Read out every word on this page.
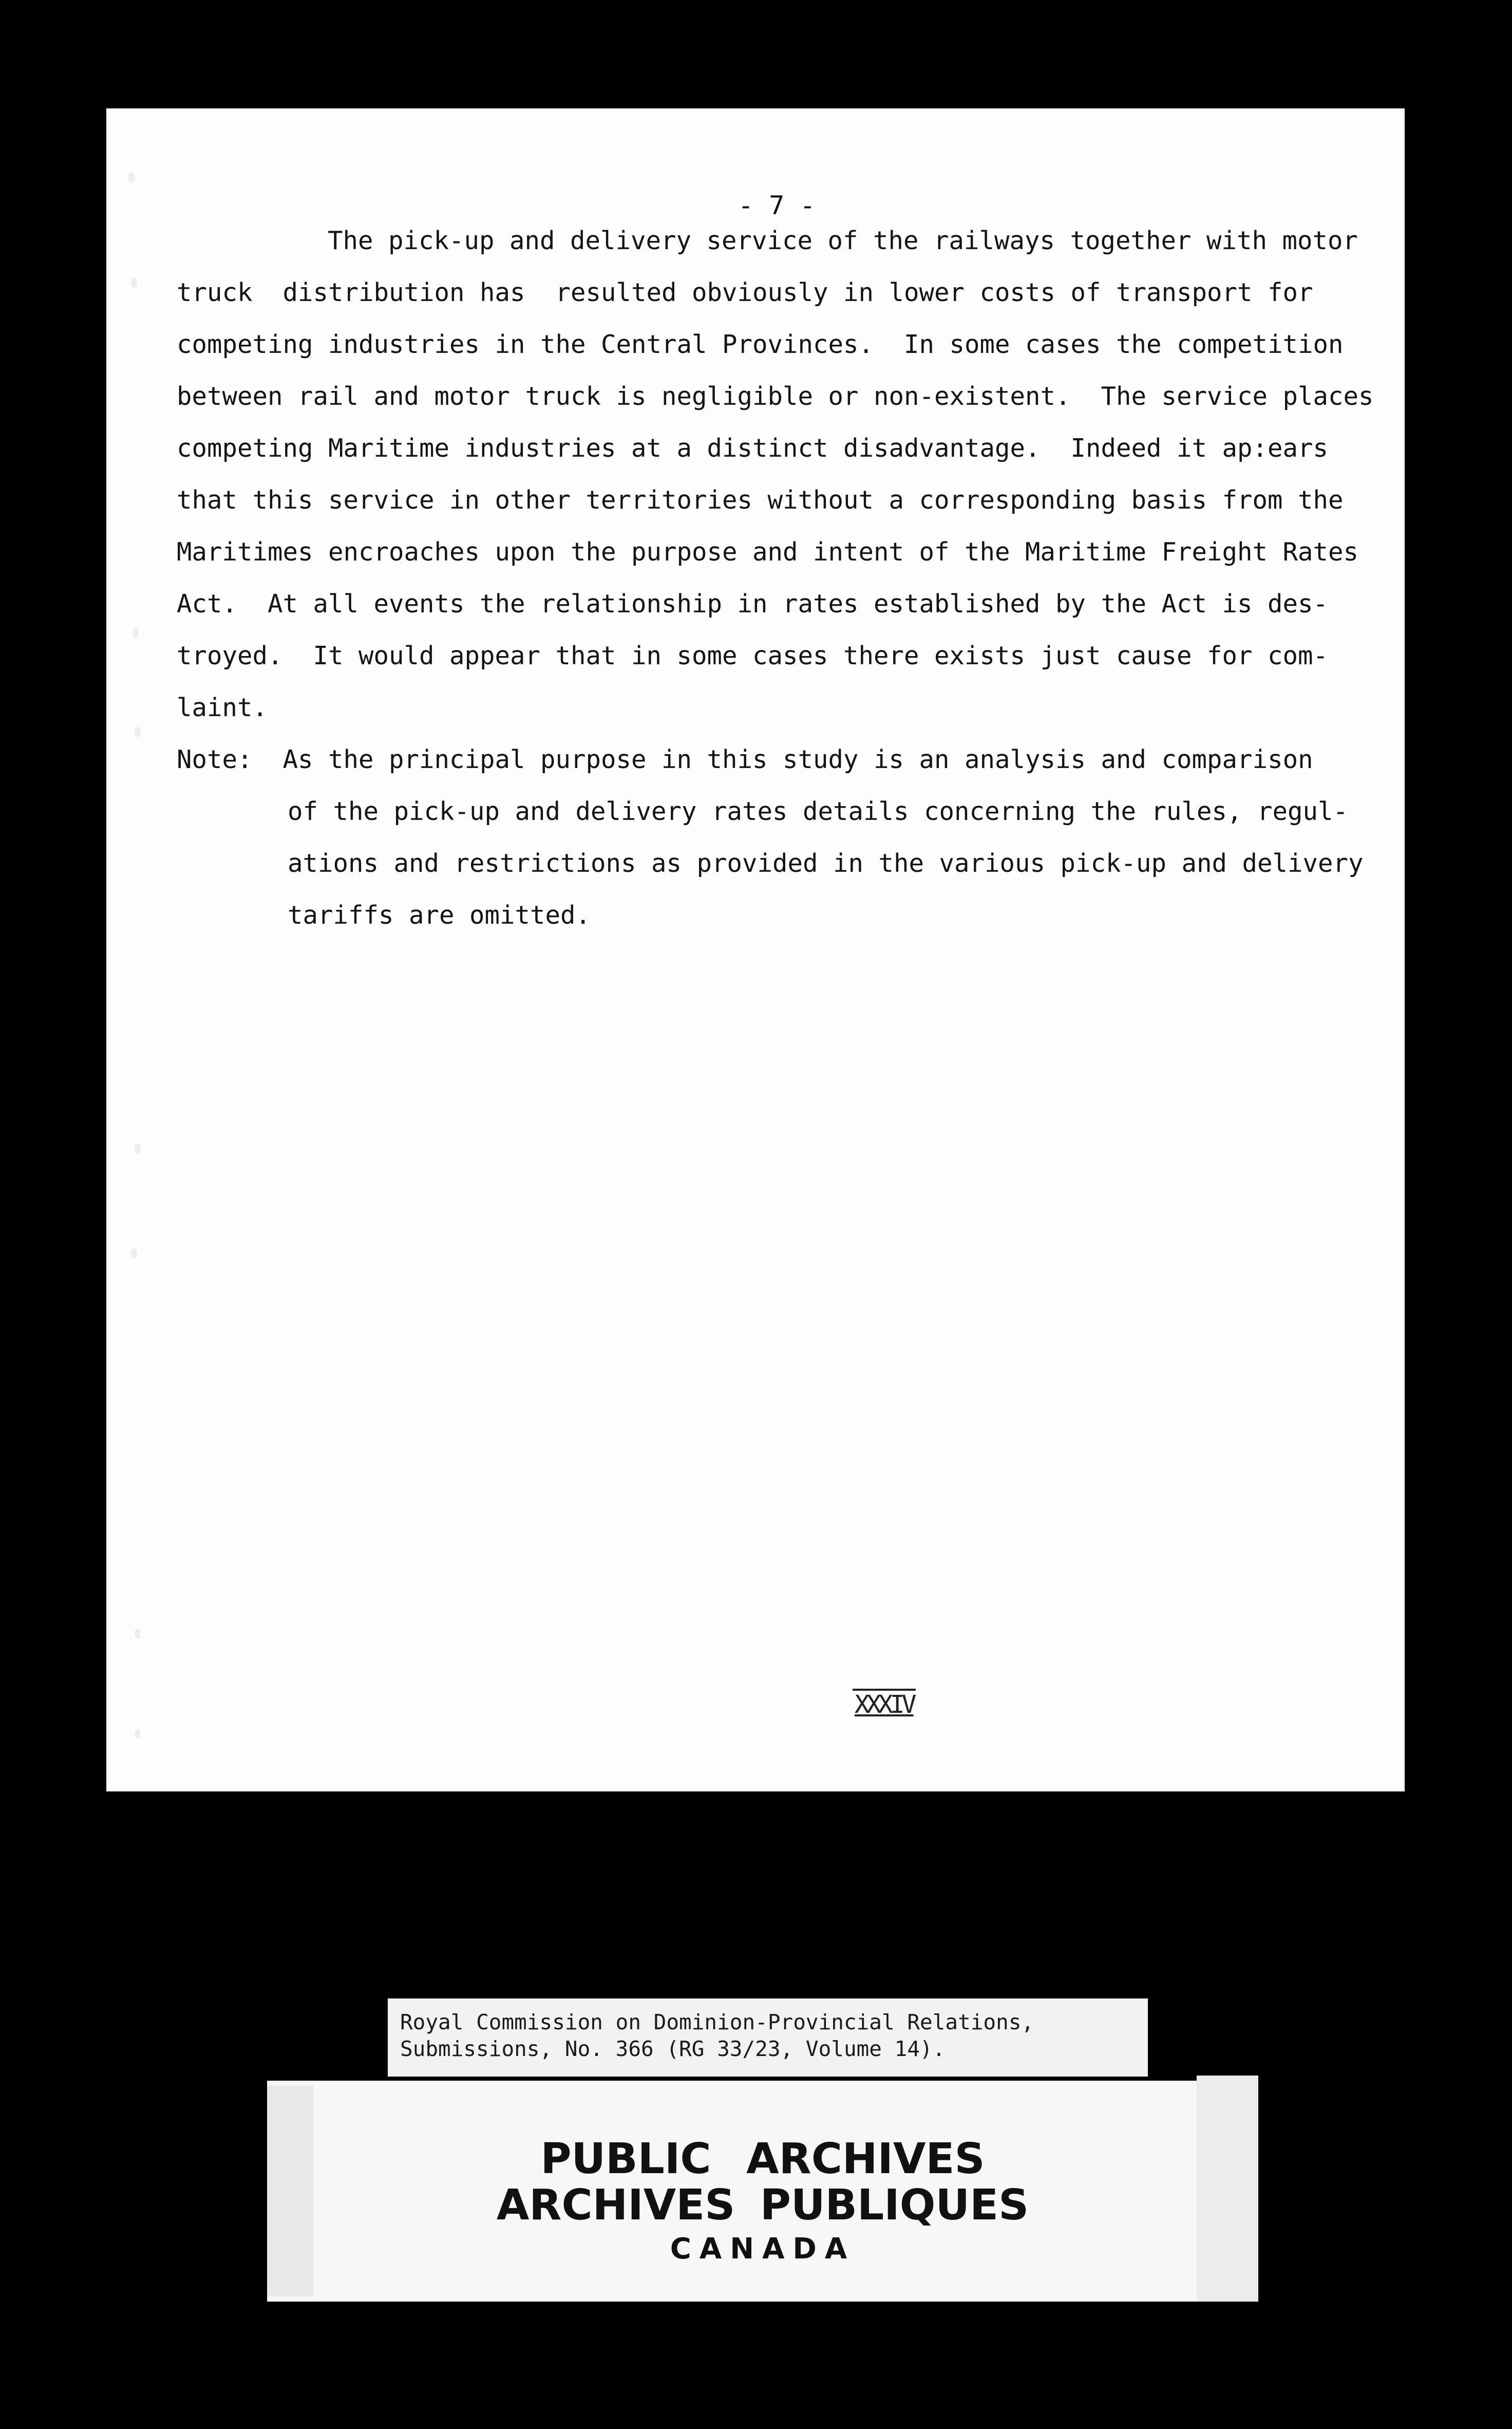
- 7 -
The pick-up and delivery service of the railways together with motor
truck  distribution has  resulted obviously in lower costs of transport for
competing industries in the Central Provinces.  In some cases the competition
between rail and motor truck is negligible or non-existent.  The service places
competing Maritime industries at a distinct disadvantage.  Indeed it ap:ears
that this service in other territories without a corresponding basis from the
Maritimes encroaches upon the purpose and intent of the Maritime Freight Rates
Act.  At all events the relationship in rates established by the Act is des-
troyed.  It would appear that in some cases there exists just cause for com-
laint.
Note: As the principal purpose in this study is an analysis and comparison
of the pick-up and delivery rates details concerning the rules, regul-
ations and restrictions as provided in the various pick-up and delivery
tariffs are omitted.
XXXIV
Royal Commission on Dominion-Provincial Relations,
Submissions, No. 366 (RG 33/23, Volume 14).
PUBLIC ARCHIVES
ARCHIVES PUBLIQUES
CANADA
